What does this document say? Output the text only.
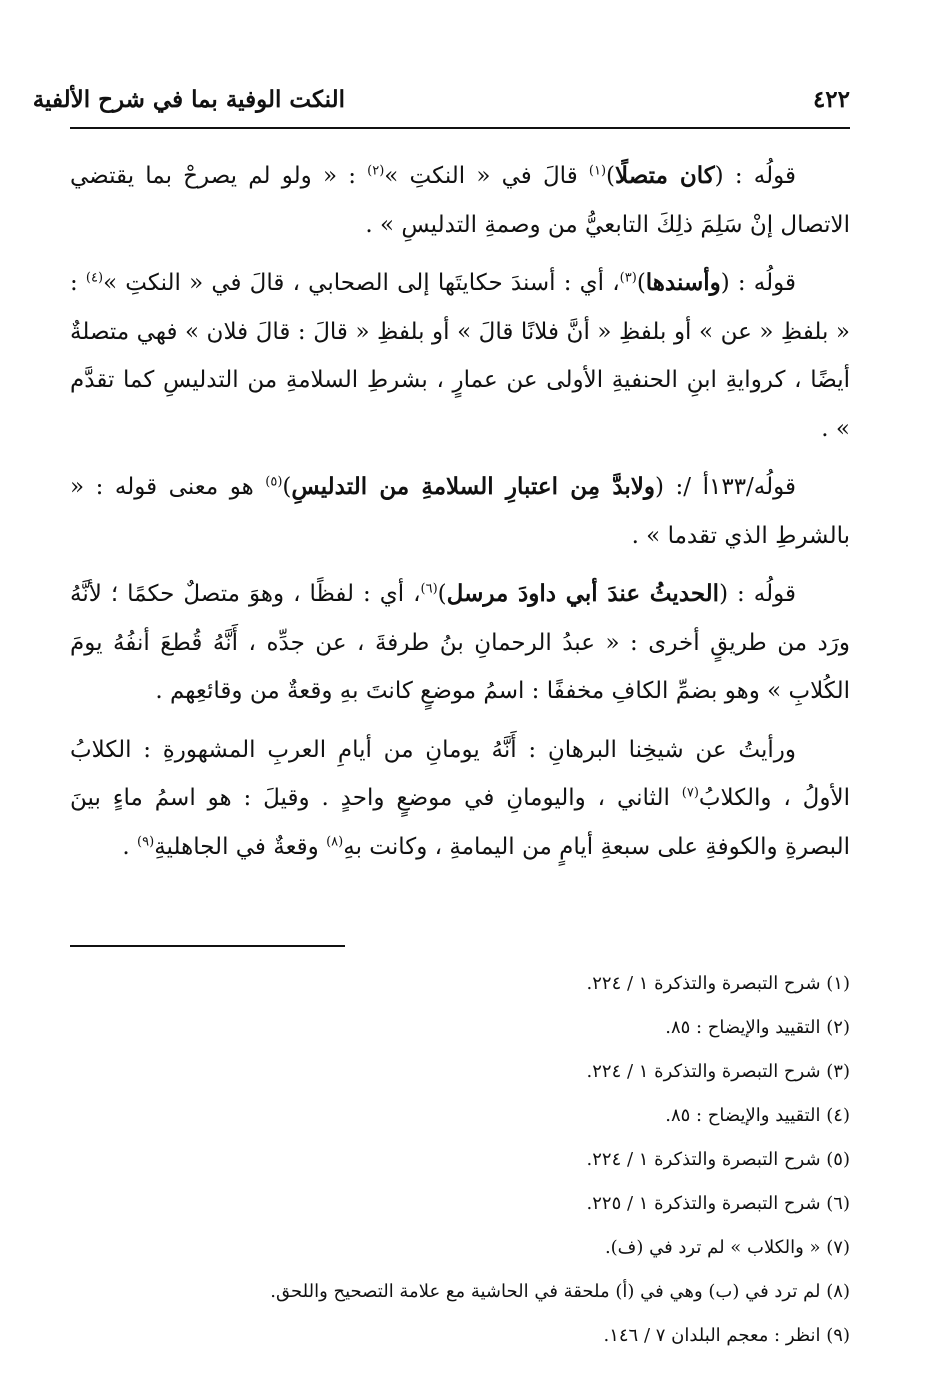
٤٢٢
النكت الوفية بما في شرح الألفية

قولُه : (كان متصلًا)$^{(١)}$ قالَ في « النكتِ »$^{(٢)}$ : « ولو لم يصرحْ بما يقتضي الاتصال إنْ سَلِمَ ذلِكَ التابعيُّ من وصمةِ التدليسِ » .

قولُه : (وأسندها)$^{(٣)}$، أي : أسندَ حكايتَها إلى الصحابي ، قالَ في « النكتِ »$^{(٤)}$ : « بلفظِ « عن » أو بلفظِ « أنَّ فلانًا قالَ » أو بلفظِ « قالَ : قالَ فلان » فهي متصلةٌ أيضًا ، كروايةِ ابنِ الحنفيةِ الأولى عن عمارٍ ، بشرطِ السلامةِ من التدليسِ كما تقدَّم » .

قولُه/١٣٣أ /: (ولابدَّ مِن اعتبارِ السلامةِ من التدليسِ)$^{(٥)}$ هو معنى قوله : « بالشرطِ الذي تقدما » .

قولُه : (الحديثُ عندَ أبي داودَ مرسل)$^{(٦)}$، أي : لفظًا ، وهوَ متصلٌ حكمًا ؛ لأنَّهُ ورَد من طريقٍ أخرى : « عبدُ الرحمانِ بنُ طرفةَ ، عن جدِّه ، أَنَّهُ قُطعَ أنفُهُ يومَ الكُلابِ » وهو بضمِّ الكافِ مخففًا : اسمُ موضعٍ كانتَ بهِ وقعةٌ من وقائعِهم .

ورأيتُ عن شيخِنا البرهانِ : أَنَّهُ يومانِ من أيامِ العربِ المشهورةِ : الكلابُ الأولُ ، والكلابُ$^{(٧)}$ الثاني ، واليومانِ في موضعٍ واحدٍ . وقيلَ : هو اسمُ ماءٍ بينَ البصرةِ والكوفةِ على سبعةِ أيامٍ من اليمامةِ ، وكانت بهِ$^{(٨)}$ وقعةٌ في الجاهليةِ$^{(٩)}$ .

(١) شرح التبصرة والتذكرة ١ / ٢٢٤.
(٢) التقييد والإيضاح : ٨٥.
(٣) شرح التبصرة والتذكرة ١ / ٢٢٤.
(٤) التقييد والإيضاح : ٨٥.
(٥) شرح التبصرة والتذكرة ١ / ٢٢٤.
(٦) شرح التبصرة والتذكرة ١ / ٢٢٥.
(٧) « والكلاب » لم ترد في (ف).
(٨) لم ترد في (ب) وهي في (أ) ملحقة في الحاشية مع علامة التصحيح واللحق.
(٩) انظر : معجم البلدان ٧ / ١٤٦.
